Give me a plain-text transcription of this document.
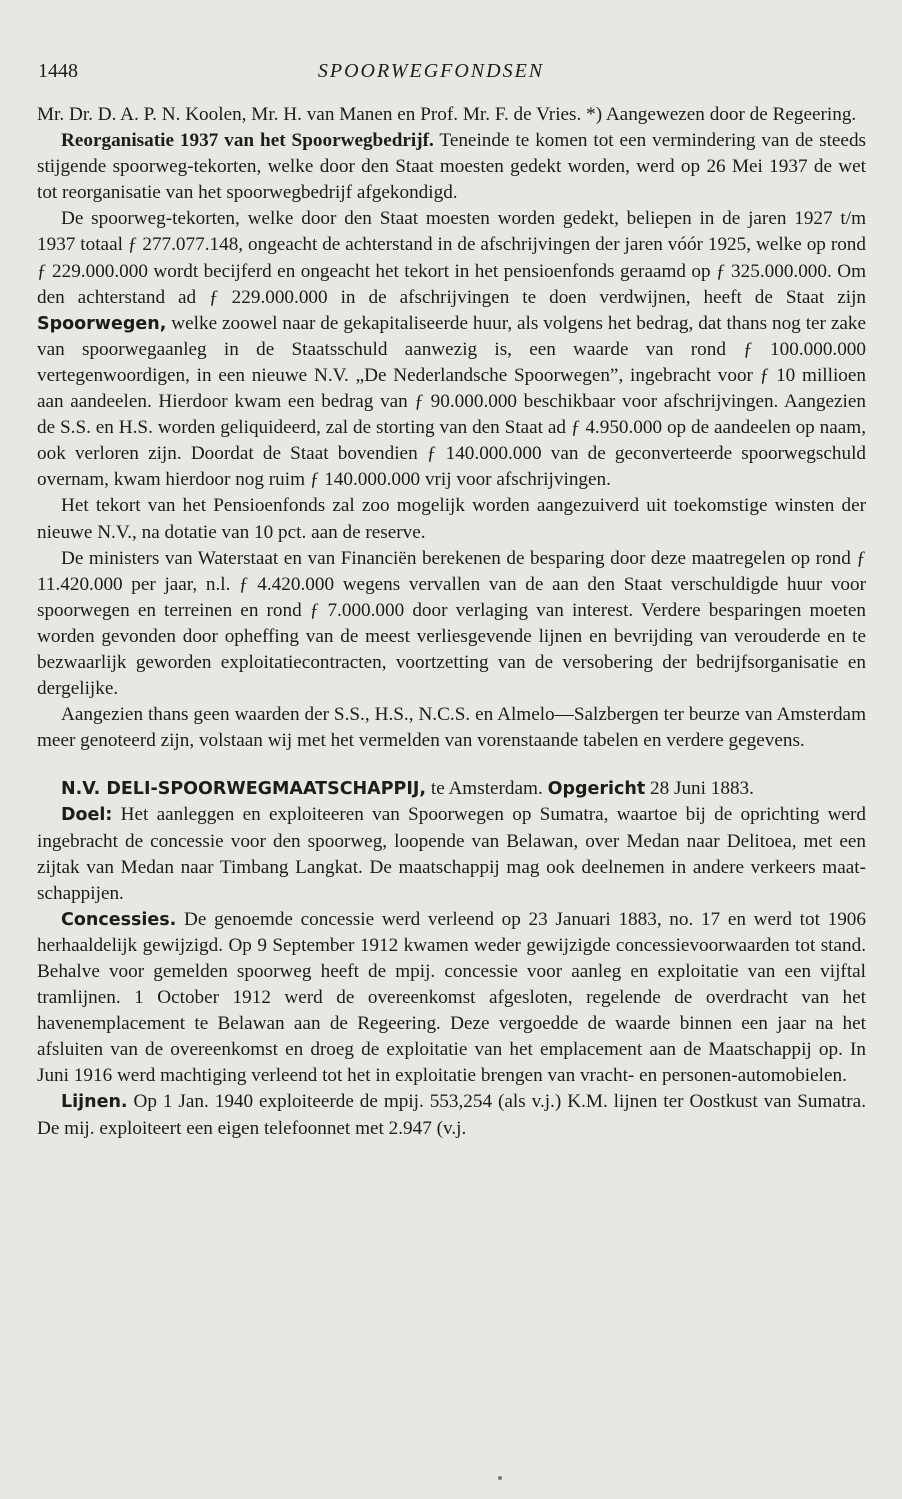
1448	SPOORWEGFONDSEN

Mr. Dr. D. A. P. N. Koolen, Mr. H. van Manen en Prof. Mr. F. de Vries. *) Aangewezen door de Regeering.

Reorganisatie 1937 van het Spoorwegbedrijf. Teneinde te komen tot een vermindering van de steeds stijgende spoorweg-tekorten, welke door den Staat moesten gedekt worden, werd op 26 Mei 1937 de wet tot reorganisatie van het spoorwegbedrijf afgekondigd.

De spoorweg-tekorten, welke door den Staat moesten worden gedekt, beliepen in de jaren 1927 t/m 1937 totaal ƒ 277.077.148, ongeacht de achterstand in de afschrijvingen der jaren vóór 1925, welke op rond ƒ 229.000.000 wordt becijferd en ongeacht het tekort in het pensioenfonds geraamd op ƒ 325.000.000. Om den achterstand ad ƒ 229.000.000 in de afschrijvingen te doen verdwijnen, heeft de Staat zijn Spoorwegen, welke zoowel naar de gekapitaliseerde huur, als volgens het bedrag, dat thans nog ter zake van spoorwegaanleg in de Staatsschuld aanwezig is, een waarde van rond ƒ 100.000.000 vertegenwoordigen, in een nieuwe N.V. „De Nederlandsche Spoorwegen”, ingebracht voor ƒ 10 millioen aan aandeelen. Hierdoor kwam een bedrag van ƒ 90.000.000 beschikbaar voor afschrijvingen. Aangezien de S.S. en H.S. worden geliquideerd, zal de storting van den Staat ad ƒ 4.950.000 op de aandeelen op naam, ook verloren zijn. Doordat de Staat bovendien ƒ 140.000.000 van de geconverteerde spoorwegschuld overnam, kwam hierdoor nog ruim ƒ 140.000.000 vrij voor afschrijvingen.

Het tekort van het Pensioenfonds zal zoo mogelijk worden aangezuiverd uit toekomstige winsten der nieuwe N.V., na dotatie van 10 pct. aan de reserve.

De ministers van Waterstaat en van Financiën berekenen de besparing door deze maatregelen op rond ƒ 11.420.000 per jaar, n.l. ƒ 4.420.000 wegens vervallen van de aan den Staat verschuldigde huur voor spoorwegen en terreinen en rond ƒ 7.000.000 door verlaging van interest. Verdere besparingen moeten worden gevonden door opheffing van de meest verliesgevende lijnen en bevrijding van verouderde en te bezwaarlijk geworden exploitatiecontracten, voortzetting van de versobering der bedrijfsorganisatie en dergelijke.

Aangezien thans geen waarden der S.S., H.S., N.C.S. en Almelo—Salzbergen ter beurze van Amsterdam meer genoteerd zijn, volstaan wij met het vermelden van vorenstaande tabelen en verdere gegevens.

N.V. DELI-SPOORWEGMAATSCHAPPIJ, te Amsterdam. Opgericht 28 Juni 1883.

Doel: Het aanleggen en exploiteeren van Spoorwegen op Sumatra, waartoe bij de oprichting werd ingebracht de concessie voor den spoorweg, loopende van Belawan, over Medan naar Delitoea, met een zijtak van Medan naar Timbang Langkat. De maatschappij mag ook deelnemen in andere verkeers maatschappijen.

Concessies. De genoemde concessie werd verleend op 23 Januari 1883, no. 17 en werd tot 1906 herhaaldelijk gewijzigd. Op 9 September 1912 kwamen weder gewijzigde concessievoorwaarden tot stand. Behalve voor gemelden spoorweg heeft de mpij. concessie voor aanleg en exploitatie van een vijftal tramlijnen. 1 October 1912 werd de overeenkomst afgesloten, regelende de overdracht van het havenemplacement te Belawan aan de Regeering. Deze vergoedde de waarde binnen een jaar na het afsluiten van de overeenkomst en droeg de exploitatie van het emplacement aan de Maatschappij op. In Juni 1916 werd machtiging verleend tot het in exploitatie brengen van vracht- en personen-automobielen.

Lijnen. Op 1 Jan. 1940 exploiteerde de mpij. 553,254 (als v.j.) K.M. lijnen ter Oostkust van Sumatra. De mij. exploiteert een eigen telefoonnet met 2.947 (v.j.
